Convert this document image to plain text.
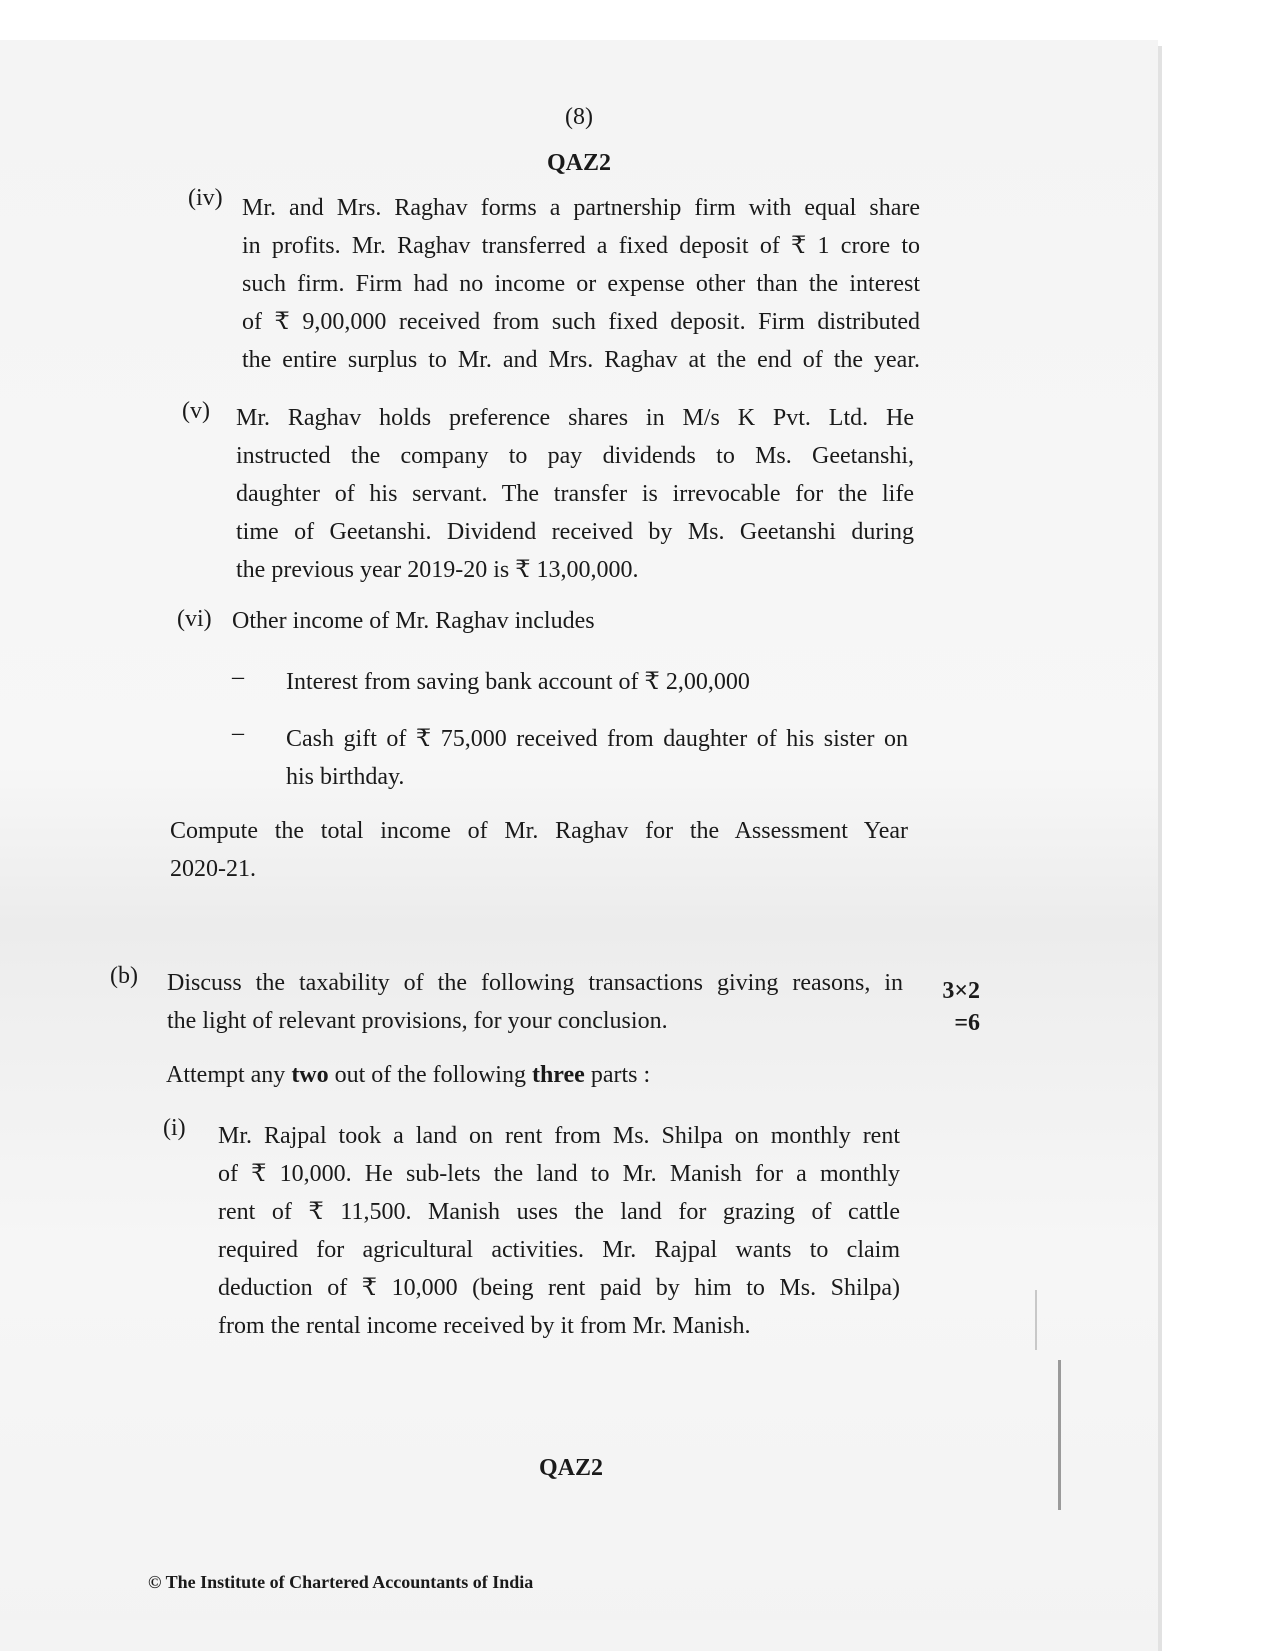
(8)
QAZ2
(iv) Mr. and Mrs. Raghav forms a partnership firm with equal share
in profits. Mr. Raghav transferred a fixed deposit of ₹ 1 crore to
such firm. Firm had no income or expense other than the interest
of ₹ 9,00,000 received from such fixed deposit. Firm distributed
the entire surplus to Mr. and Mrs. Raghav at the end of the year.
(v) Mr. Raghav holds preference shares in M/s K Pvt. Ltd. He
instructed the company to pay dividends to Ms. Geetanshi,
daughter of his servant. The transfer is irrevocable for the life
time of Geetanshi. Dividend received by Ms. Geetanshi during
the previous year 2019-20 is ₹ 13,00,000.
(vi) Other income of Mr. Raghav includes
– Interest from saving bank account of ₹ 2,00,000
– Cash gift of ₹ 75,000 received from daughter of his sister on
his birthday.
Compute the total income of Mr. Raghav for the Assessment Year
2020-21.
(b) Discuss the taxability of the following transactions giving reasons, in
the light of relevant provisions, for your conclusion.
3×2
=6
Attempt any two out of the following three parts :
(i) Mr. Rajpal took a land on rent from Ms. Shilpa on monthly rent
of ₹ 10,000. He sub-lets the land to Mr. Manish for a monthly
rent of ₹ 11,500. Manish uses the land for grazing of cattle
required for agricultural activities. Mr. Rajpal wants to claim
deduction of ₹ 10,000 (being rent paid by him to Ms. Shilpa)
from the rental income received by it from Mr. Manish.
QAZ2
© The Institute of Chartered Accountants of India
